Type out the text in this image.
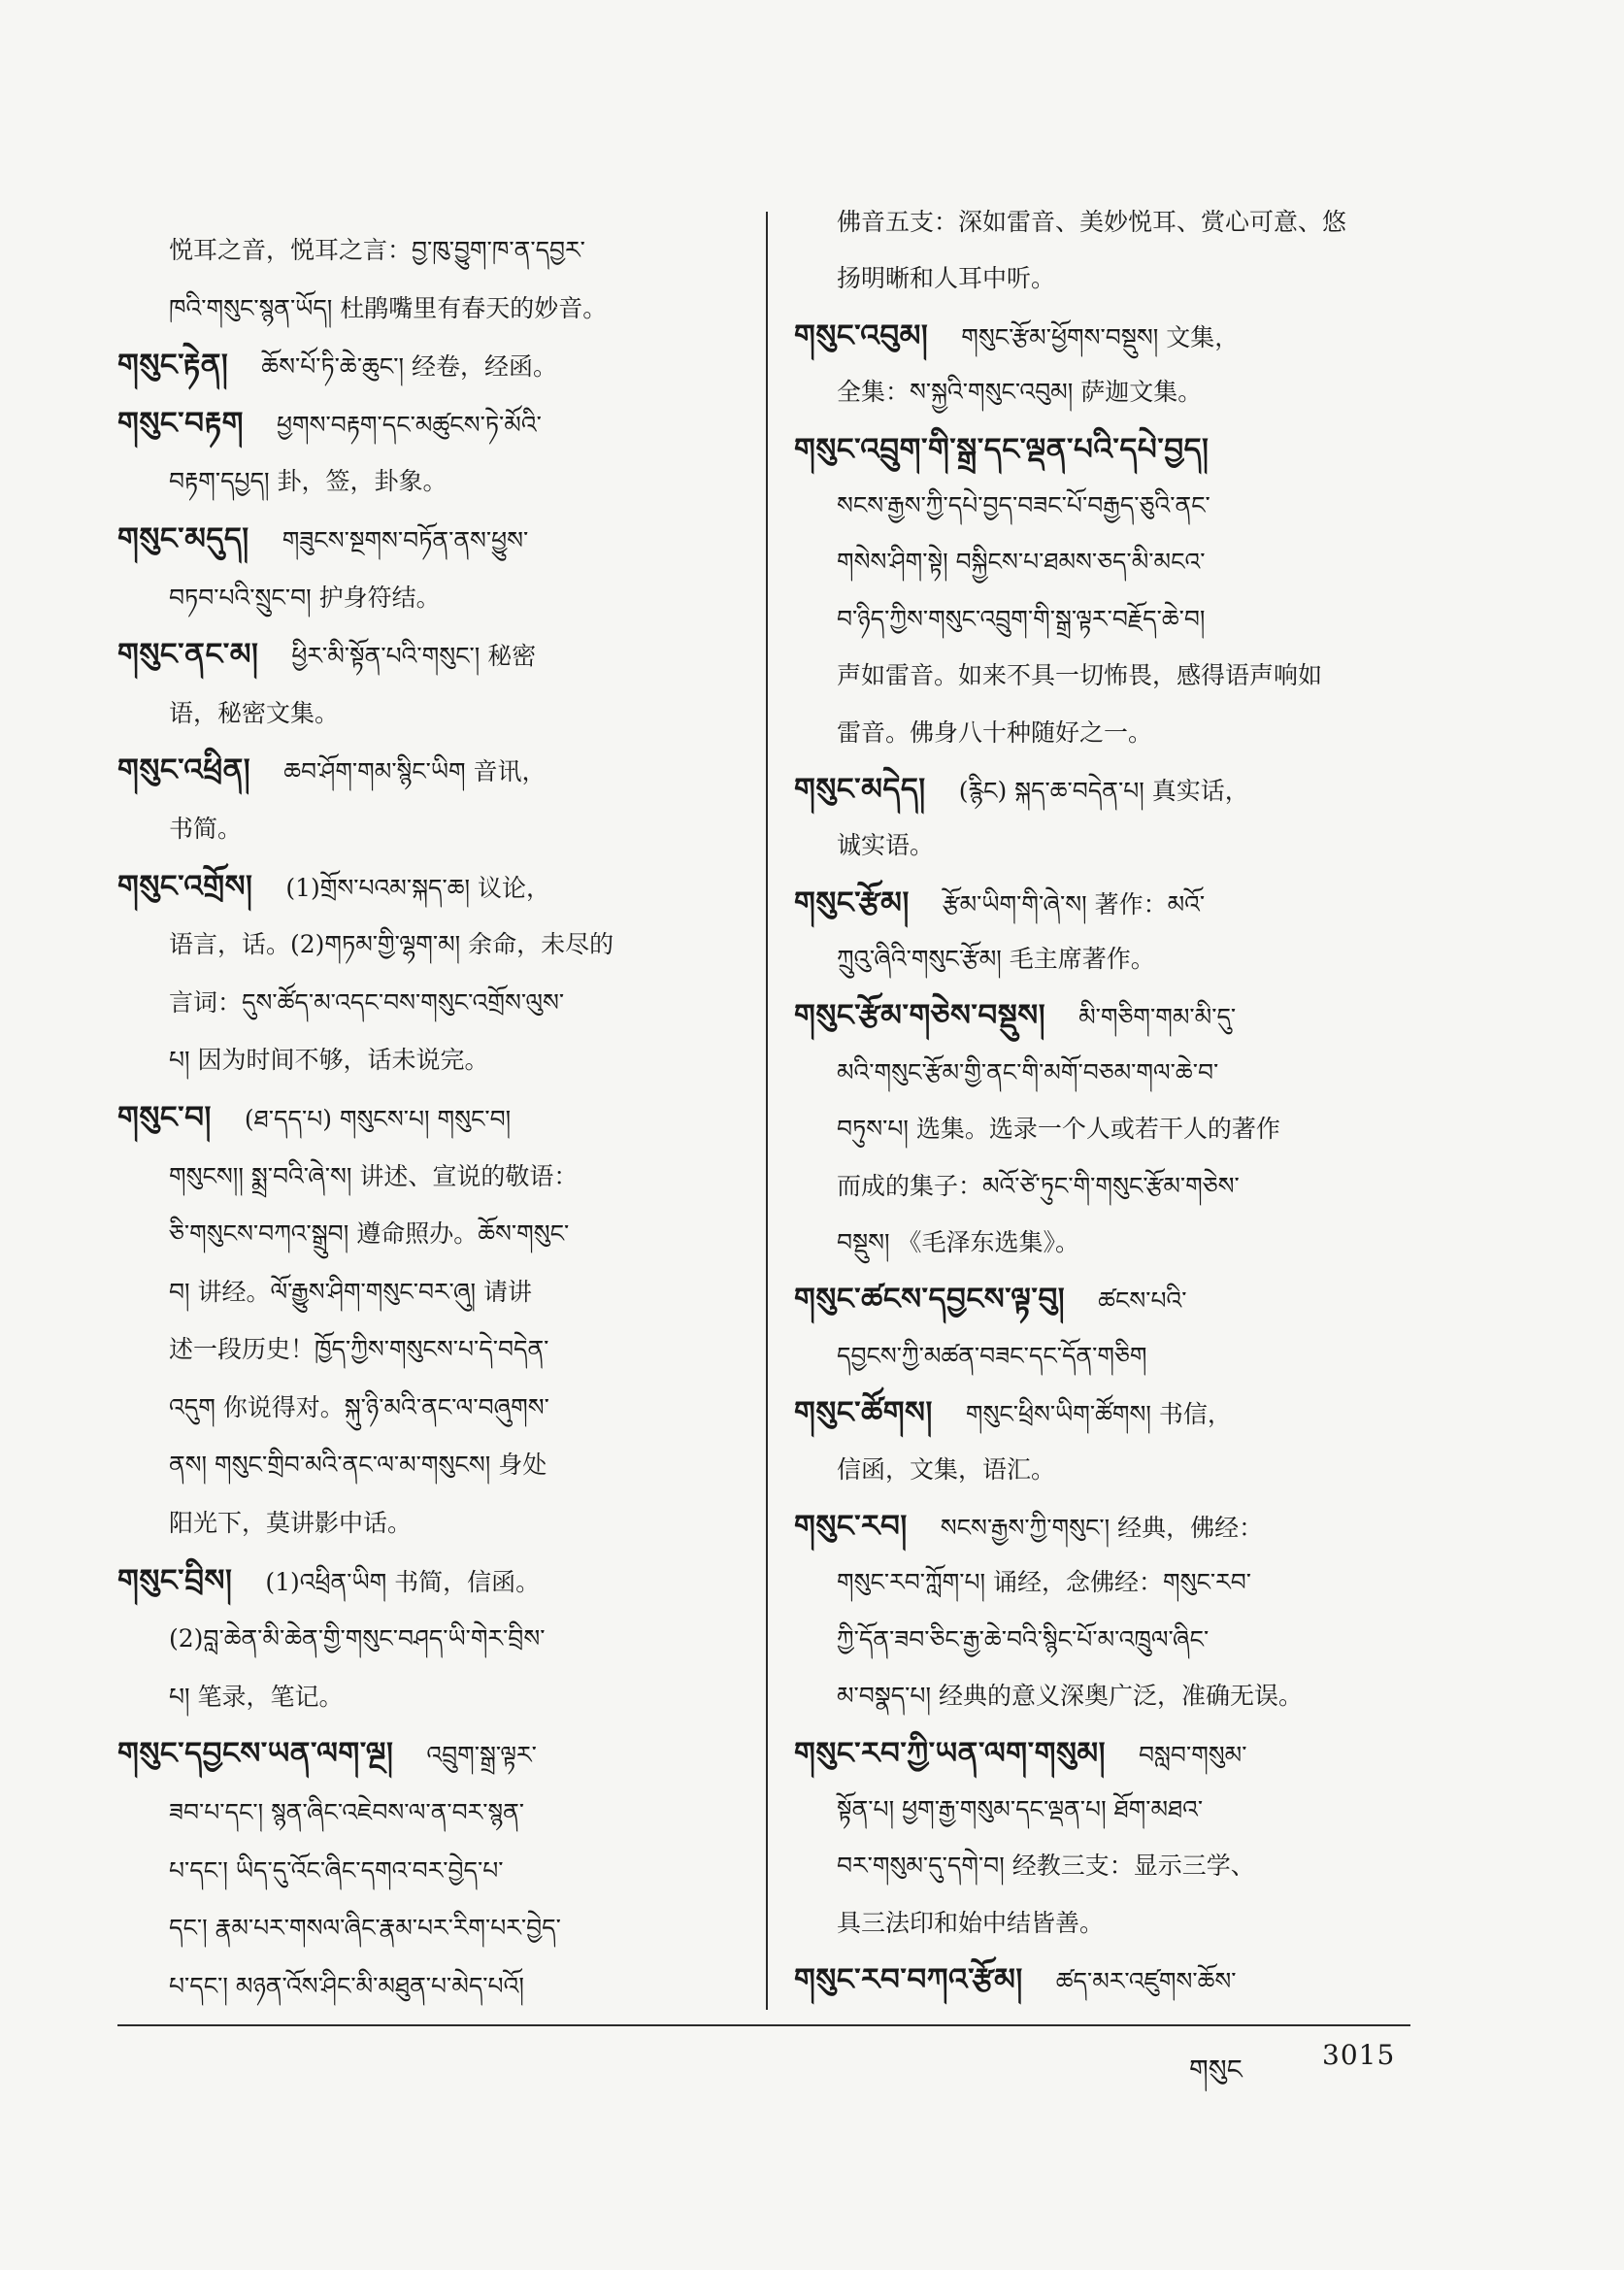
悦耳之音，悦耳之言：བྱ་ཁུ་བྱུག་ཁ་ན་དབྱར་
ཁའི་གསུང་སྙན་ཡོད། 杜鹃嘴里有春天的妙音。
གསུང་རྟེན། ཆོས་པོ་ཏི་ཆེ་ཆུང་། 经卷，经函。
གསུང་བརྟག ཕྱགས་བརྟག་དང་མཚུངས་ཏེ་མོའི་
བརྟག་དཔྱད། 卦，签，卦象。
གསུང་མདུད། གཟུངས་སྔགས་བཏོན་ནས་ཕྱུས་
བཏབ་པའི་སྲུང་བ། 护身符结。
གསུང་ནང་མ། ཕྱིར་མི་སྟོན་པའི་གསུང་། 秘密
语，秘密文集。
གསུང་འཕྲིན། ཆབ་ཤོག་གམ་སྙིང་ཡིག 音讯，
书简。
གསུང་འགྲོས། (1)གྲོས་པའམ་སྐད་ཆ། 议论，
语言，话。(2)གཏམ་གྱི་ལྷག་མ། 余命，未尽的
言词：དུས་ཚོད་མ་འདང་བས་གསུང་འགྲོས་ལུས་
པ། 因为时间不够，话未说完。
གསུང་བ། (ཐ་དད་པ) གསུངས་པ། གསུང་བ།
གསུངས།། སྨྲ་བའི་ཞེ་ས། 讲述、宣说的敬语：
ཅི་གསུངས་བཀའ་སྒྲུབ། 遵命照办。ཆོས་གསུང་
བ། 讲经。ལོ་རྒྱུས་ཤིག་གསུང་བར་ཞུ། 请讲
述一段历史！ཁྱོད་ཀྱིས་གསུངས་པ་དེ་བདེན་
འདུག 你说得对。སྐུ་ཉི་མའི་ནང་ལ་བཞུགས་
ནས། གསུང་གྲིབ་མའི་ནང་ལ་མ་གསུངས། 身处
阳光下，莫讲影中话。
གསུང་བྲིས། (1)འཕྲིན་ཡིག 书简，信函。
(2)བླ་ཆེན་མི་ཆེན་གྱི་གསུང་བཤད་ཡི་གེར་བྲིས་
པ། 笔录，笔记。
གསུང་དབྱངས་ཡན་ལག་ལྔ། འབྲུག་སྒྲ་ལྟར་
ཟབ་པ་དང་། སྙན་ཞིང་འཇེབས་ལ་ན་བར་སྙན་
པ་དང་། ཡིད་དུ་འོང་ཞིང་དགའ་བར་བྱེད་པ་
དང་། རྣམ་པར་གསལ་ཞིང་རྣམ་པར་རིག་པར་བྱེད་
པ་དང་། མཉན་འོས་ཤིང་མི་མཐུན་པ་མེད་པའོ།
佛音五支：深如雷音、美妙悦耳、赏心可意、悠
扬明晰和人耳中听。
གསུང་འབུམ། གསུང་རྩོམ་ཕྱོགས་བསྡུས། 文集，
全集：ས་སྐྱའི་གསུང་འབུམ། 萨迦文集。
གསུང་འབྲུག་གི་སྒྲ་དང་ལྡན་པའི་དཔེ་བྱད།
སངས་རྒྱས་ཀྱི་དཔེ་བྱད་བཟང་པོ་བརྒྱད་ཅུའི་ནང་
གསེས་ཤིག་སྟེ། བསྐྱིངས་པ་ཐམས་ཅད་མི་མངའ་
བ་ཉིད་ཀྱིས་གསུང་འབྲུག་གི་སྒྲ་ལྟར་བརྗོད་ཆེ་བ།
声如雷音。如来不具一切怖畏，感得语声响如
雷音。佛身八十种随好之一。
གསུང་མདེད། (རྙིང) སྐད་ཆ་བདེན་པ། 真实话，
诚实语。
གསུང་རྩོམ། རྩོམ་ཡིག་གི་ཞེ་ས། 著作：མའོ་
ཀྲུའུ་ཞིའི་གསུང་རྩོམ། 毛主席著作。
གསུང་རྩོམ་གཅེས་བསྡུས། མི་གཅིག་གམ་མི་དུ་
མའི་གསུང་རྩོམ་གྱི་ནང་གི་མགོ་བཅམ་གལ་ཆེ་བ་
བཏུས་པ། 选集。选录一个人或若干人的著作
而成的集子：མའོ་ཙེ་ཏུང་གི་གསུང་རྩོམ་གཅེས་
བསྡུས། 《毛泽东选集》。
གསུང་ཚངས་དབྱངས་ལྟ་བུ། ཚངས་པའི་
དབྱངས་ཀྱི་མཚན་བཟང་དང་དོན་གཅིག
གསུང་ཚོགས། གསུང་ཕྲིས་ཡིག་ཚོགས། 书信，
信函，文集，语汇。
གསུང་རབ། སངས་རྒྱས་ཀྱི་གསུང་། 经典，佛经：
གསུང་རབ་ཀློག་པ། 诵经，念佛经：གསུང་རབ་
ཀྱི་དོན་ཟབ་ཅིང་རྒྱ་ཆེ་བའི་སྙིང་པོ་མ་འཁྲུལ་ཞིང་
མ་བསྣད་པ། 经典的意义深奥广泛，准确无误。
གསུང་རབ་ཀྱི་ཡན་ལག་གསུམ། བསླབ་གསུམ་
སྟོན་པ། ཕྱག་རྒྱ་གསུམ་དང་ལྡན་པ། ཐོག་མཐའ་
བར་གསུམ་དུ་དགེ་བ། 经教三支：显示三学、
具三法印和始中结皆善。
གསུང་རབ་བཀའ་རྩོམ། ཚད་མར་འཛུགས་ཆོས་
གསུང	3015
